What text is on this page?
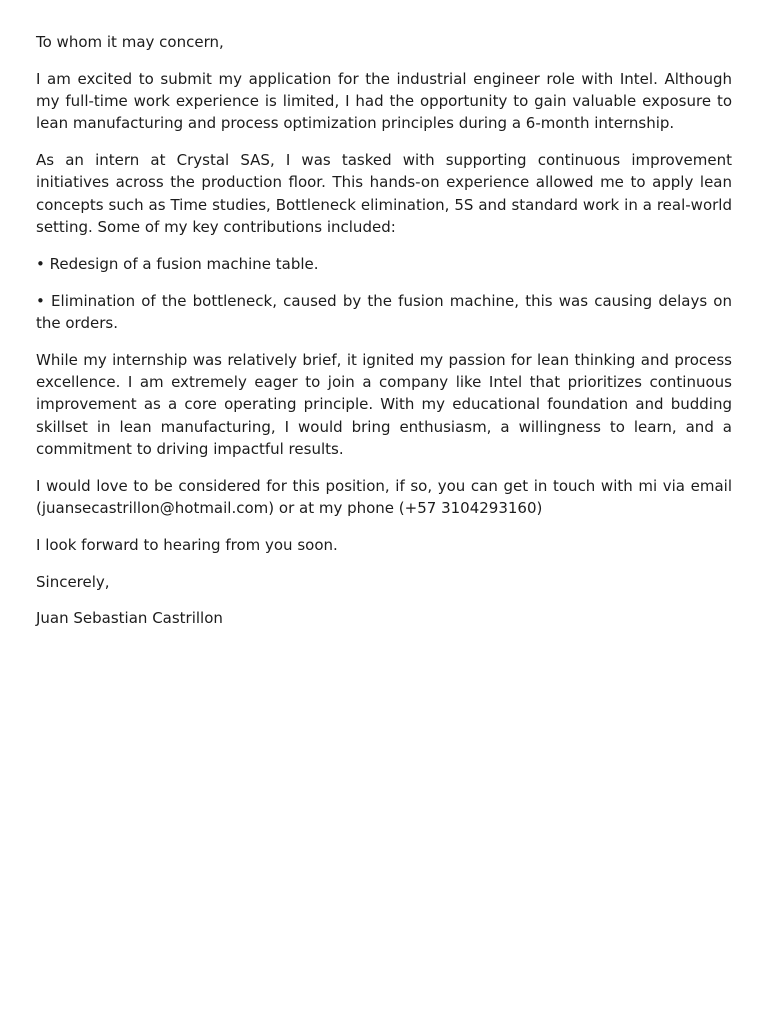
To whom it may concern,

I am excited to submit my application for the industrial engineer role with Intel. Although my full-time work experience is limited, I had the opportunity to gain valuable exposure to lean manufacturing and process optimization principles during a 6-month internship.

As an intern at Crystal SAS, I was tasked with supporting continuous improvement initiatives across the production floor. This hands-on experience allowed me to apply lean concepts such as Time studies, Bottleneck elimination, 5S and standard work in a real-world setting. Some of my key contributions included:

• Redesign of a fusion machine table.

• Elimination of the bottleneck, caused by the fusion machine, this was causing delays on the orders.

While my internship was relatively brief, it ignited my passion for lean thinking and process excellence. I am extremely eager to join a company like Intel that prioritizes continuous improvement as a core operating principle. With my educational foundation and budding skillset in lean manufacturing, I would bring enthusiasm, a willingness to learn, and a commitment to driving impactful results.

I would love to be considered for this position, if so, you can get in touch with mi via email (juansecastrillon@hotmail.com) or at my phone (+57 3104293160)

I look forward to hearing from you soon.

Sincerely,

Juan Sebastian Castrillon
